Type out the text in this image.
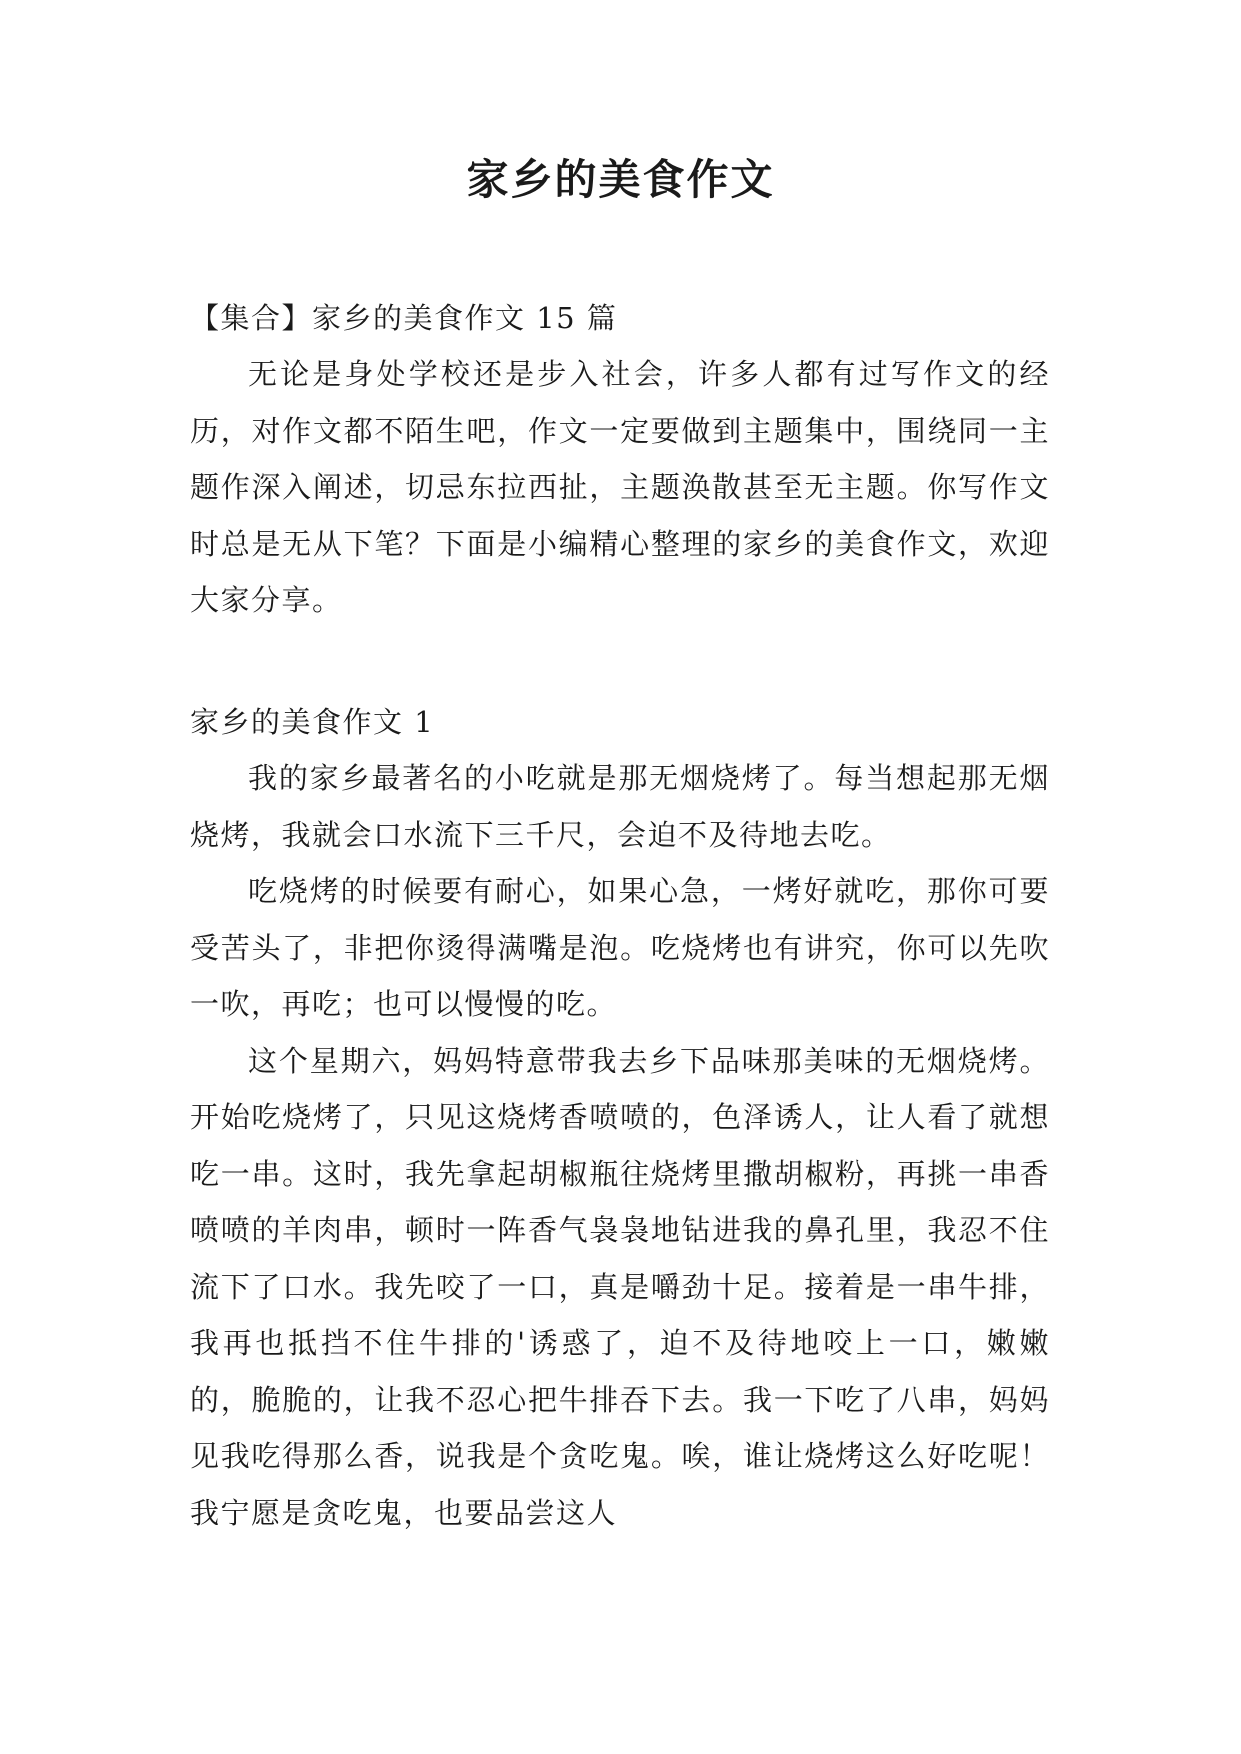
家乡的美食作文
【集合】家乡的美食作文 15 篇

无论是身处学校还是步入社会，许多人都有过写作文的经历，对作文都不陌生吧，作文一定要做到主题集中，围绕同一主题作深入阐述，切忌东拉西扯，主题涣散甚至无主题。你写作文时总是无从下笔？下面是小编精心整理的家乡的美食作文，欢迎大家分享。

家乡的美食作文 1

我的家乡最著名的小吃就是那无烟烧烤了。每当想起那无烟烧烤，我就会口水流下三千尺，会迫不及待地去吃。

吃烧烤的时候要有耐心，如果心急，一烤好就吃，那你可要受苦头了，非把你烫得满嘴是泡。吃烧烤也有讲究，你可以先吹一吹，再吃；也可以慢慢的吃。

这个星期六，妈妈特意带我去乡下品味那美味的无烟烧烤。开始吃烧烤了，只见这烧烤香喷喷的，色泽诱人，让人看了就想吃一串。这时，我先拿起胡椒瓶往烧烤里撒胡椒粉，再挑一串香喷喷的羊肉串，顿时一阵香气袅袅地钻进我的鼻孔里，我忍不住流下了口水。我先咬了一口，真是嚼劲十足。接着是一串牛排，我再也抵挡不住牛排的'诱惑了，迫不及待地咬上一口，嫩嫩的，脆脆的，让我不忍心把牛排吞下去。我一下吃了八串，妈妈见我吃得那么香，说我是个贪吃鬼。唉，谁让烧烤这么好吃呢！我宁愿是贪吃鬼，也要品尝这人
